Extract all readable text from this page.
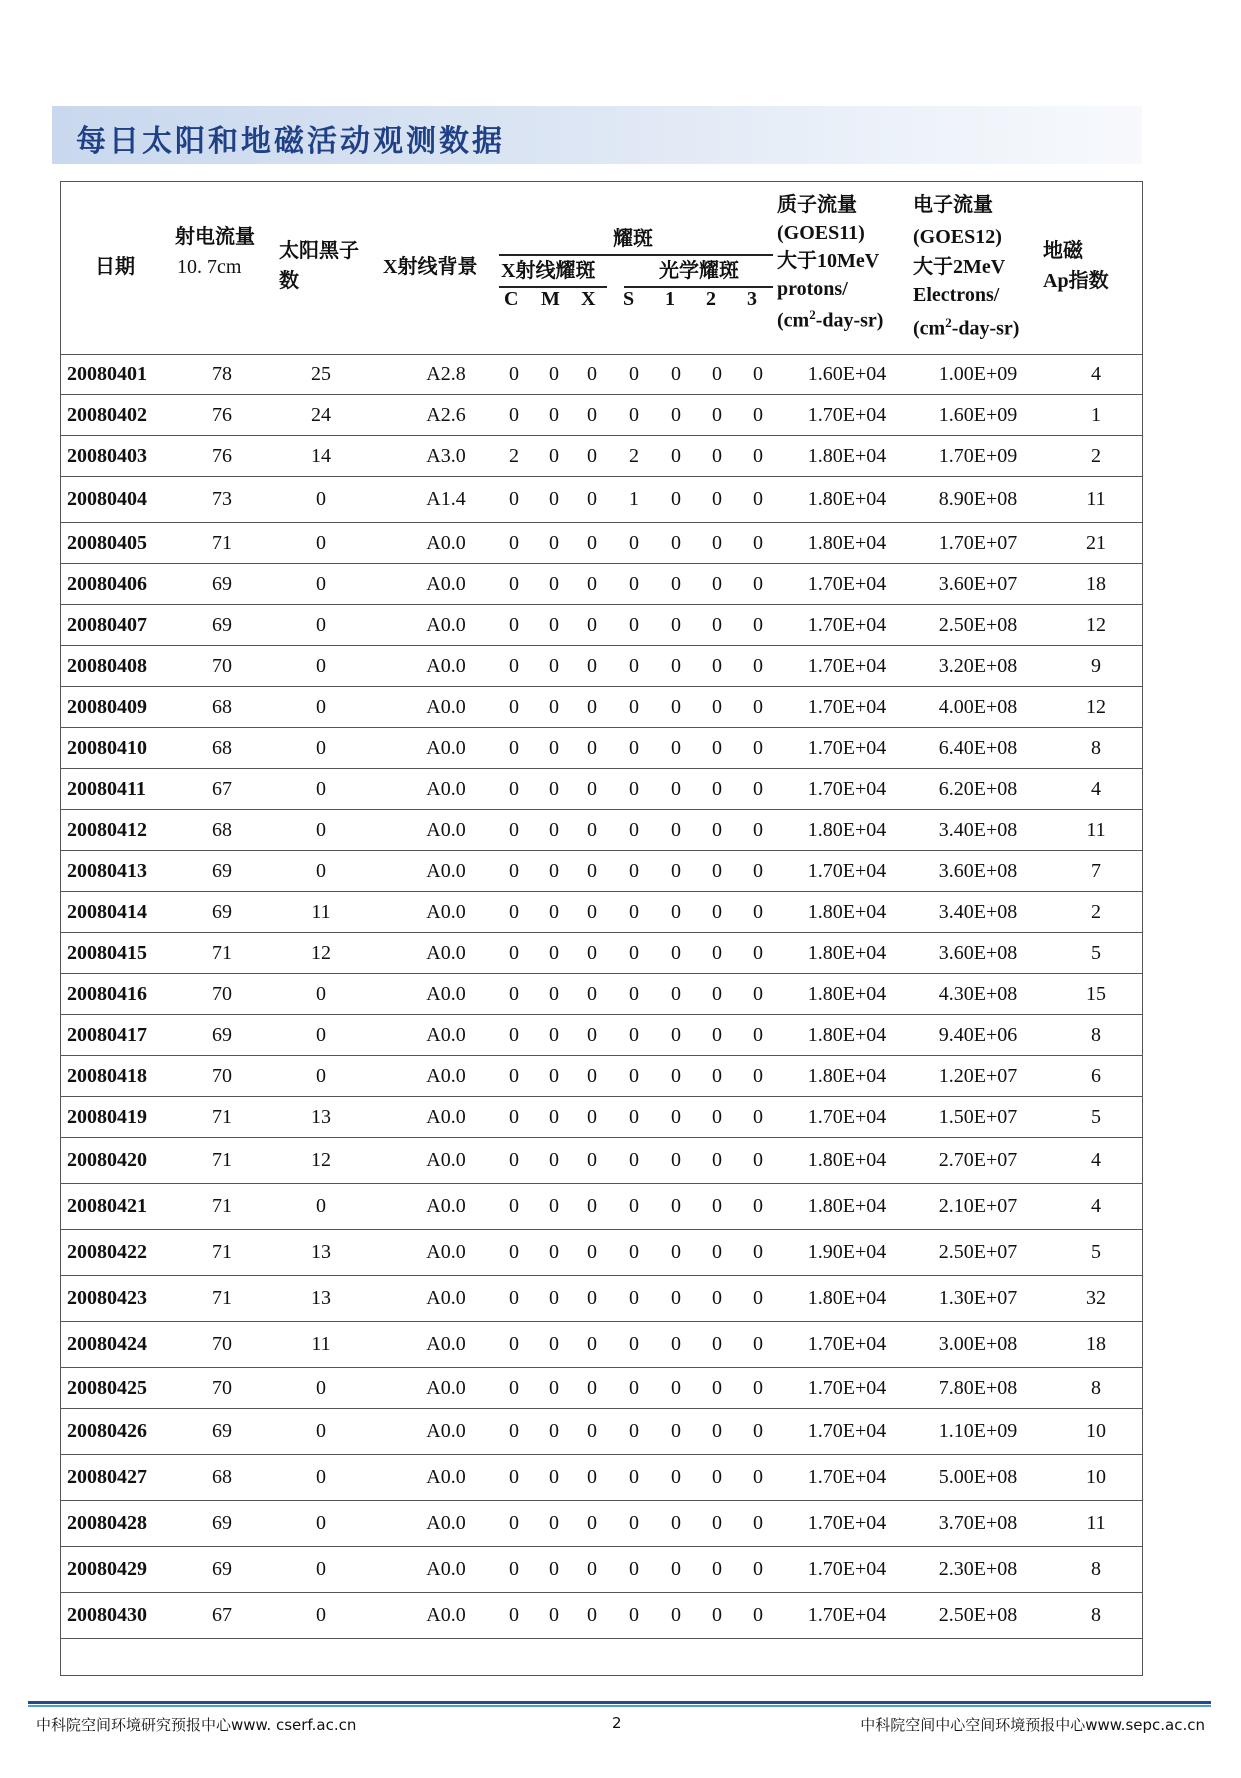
每日太阳和地磁活动观测数据
日期
射电流量
10. 7cm
太阳黑子
数
X射线背景
耀斑
X射线耀斑	光学耀斑
C M X S 1 2 3
质子流量
(GOES11)
大于10MeV
protons/
$(cm^2-day-sr)$
电子流量
(GOES12)
大于2MeV
Electrons/
$(cm^2-day-sr)$
地磁
Ap指数
20080401	78	25	A2.8	0	0	0	0	0	0	0	1.60E+04	1.00E+09	4
20080402	76	24	A2.6	0	0	0	0	0	0	0	1.70E+04	1.60E+09	1
20080403	76	14	A3.0	2	0	0	2	0	0	0	1.80E+04	1.70E+09	2
20080404	73	0	A1.4	0	0	0	1	0	0	0	1.80E+04	8.90E+08	11
20080405	71	0	A0.0	0	0	0	0	0	0	0	1.80E+04	1.70E+07	21
20080406	69	0	A0.0	0	0	0	0	0	0	0	1.70E+04	3.60E+07	18
20080407	69	0	A0.0	0	0	0	0	0	0	0	1.70E+04	2.50E+08	12
20080408	70	0	A0.0	0	0	0	0	0	0	0	1.70E+04	3.20E+08	9
20080409	68	0	A0.0	0	0	0	0	0	0	0	1.70E+04	4.00E+08	12
20080410	68	0	A0.0	0	0	0	0	0	0	0	1.70E+04	6.40E+08	8
20080411	67	0	A0.0	0	0	0	0	0	0	0	1.70E+04	6.20E+08	4
20080412	68	0	A0.0	0	0	0	0	0	0	0	1.80E+04	3.40E+08	11
20080413	69	0	A0.0	0	0	0	0	0	0	0	1.70E+04	3.60E+08	7
20080414	69	11	A0.0	0	0	0	0	0	0	0	1.80E+04	3.40E+08	2
20080415	71	12	A0.0	0	0	0	0	0	0	0	1.80E+04	3.60E+08	5
20080416	70	0	A0.0	0	0	0	0	0	0	0	1.80E+04	4.30E+08	15
20080417	69	0	A0.0	0	0	0	0	0	0	0	1.80E+04	9.40E+06	8
20080418	70	0	A0.0	0	0	0	0	0	0	0	1.80E+04	1.20E+07	6
20080419	71	13	A0.0	0	0	0	0	0	0	0	1.70E+04	1.50E+07	5
20080420	71	12	A0.0	0	0	0	0	0	0	0	1.80E+04	2.70E+07	4
20080421	71	0	A0.0	0	0	0	0	0	0	0	1.80E+04	2.10E+07	4
20080422	71	13	A0.0	0	0	0	0	0	0	0	1.90E+04	2.50E+07	5
20080423	71	13	A0.0	0	0	0	0	0	0	0	1.80E+04	1.30E+07	32
20080424	70	11	A0.0	0	0	0	0	0	0	0	1.70E+04	3.00E+08	18
20080425	70	0	A0.0	0	0	0	0	0	0	0	1.70E+04	7.80E+08	8
20080426	69	0	A0.0	0	0	0	0	0	0	0	1.70E+04	1.10E+09	10
20080427	68	0	A0.0	0	0	0	0	0	0	0	1.70E+04	5.00E+08	10
20080428	69	0	A0.0	0	0	0	0	0	0	0	1.70E+04	3.70E+08	11
20080429	69	0	A0.0	0	0	0	0	0	0	0	1.70E+04	2.30E+08	8
20080430	67	0	A0.0	0	0	0	0	0	0	0	1.70E+04	2.50E+08	8
中科院空间环境研究预报中心www. cserf.ac.cn	2	中科院空间中心空间环境预报中心www.sepc.ac.cn
